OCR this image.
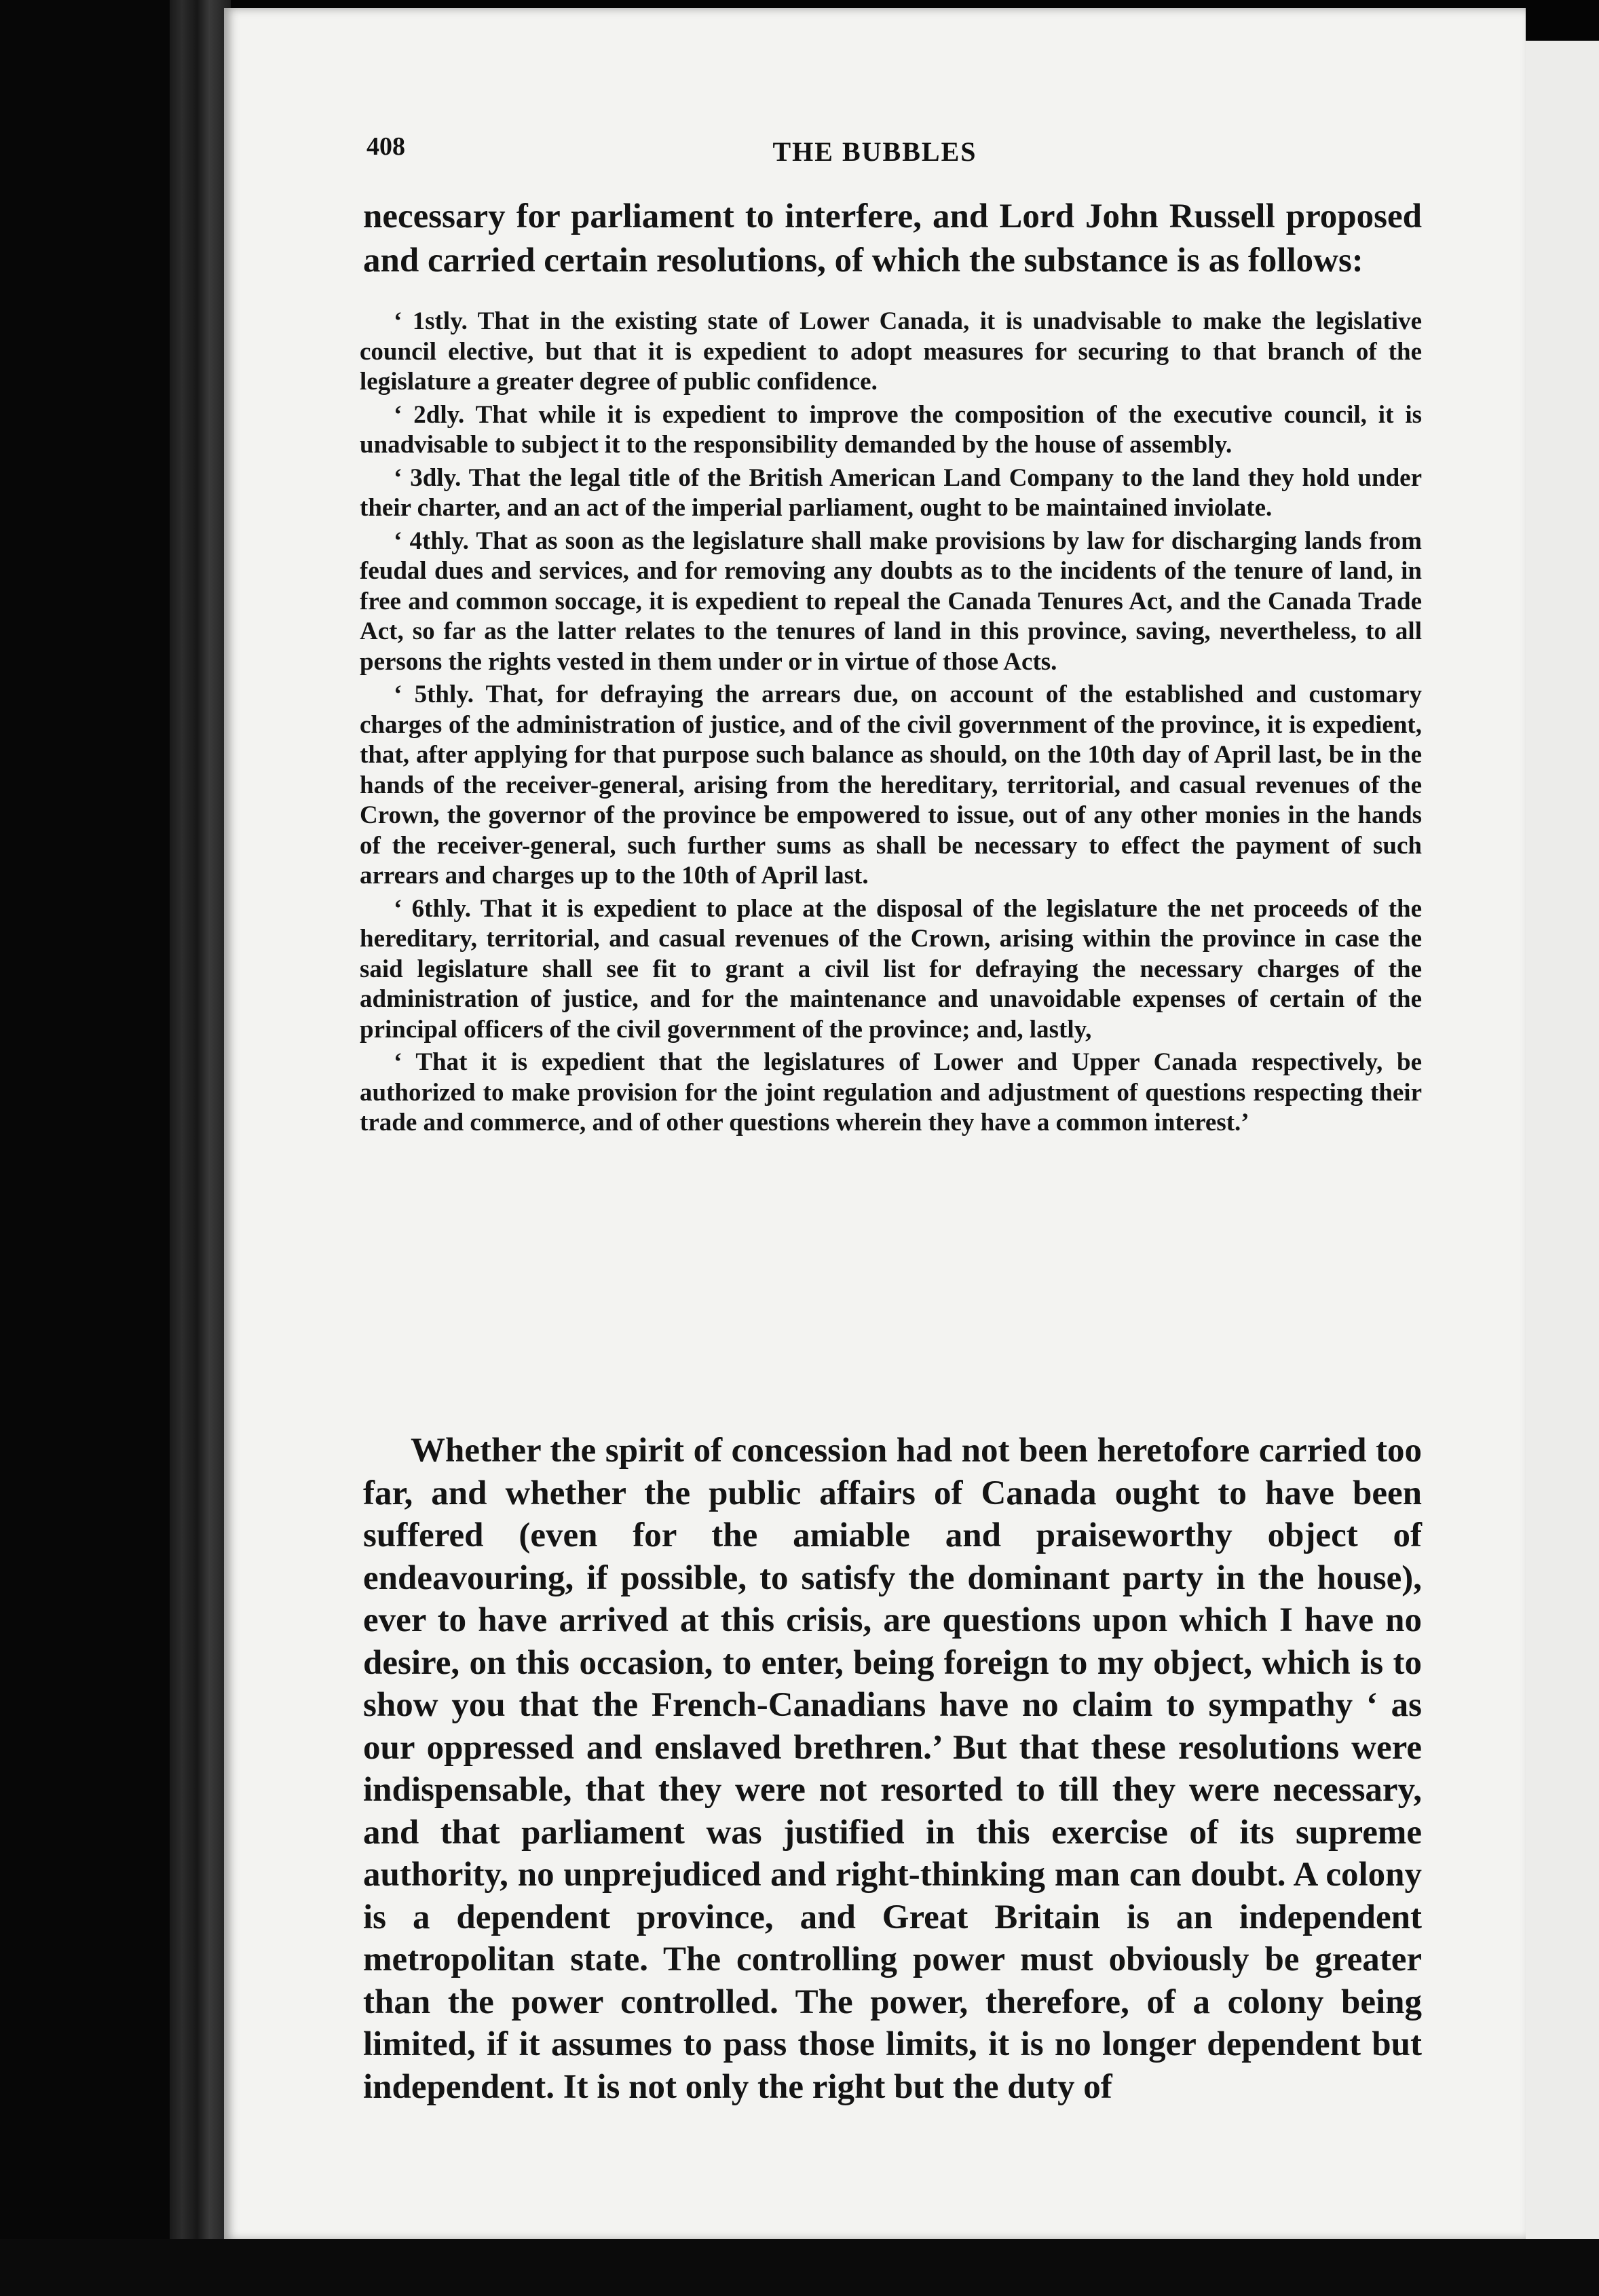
408	THE BUBBLES

necessary for parliament to interfere, and Lord John Russell proposed and carried certain resolutions, of which the substance is as follows:

‘ 1stly. That in the existing state of Lower Canada, it is unadvisable to make the legislative council elective, but that it is expedient to adopt measures for securing to that branch of the legislature a greater degree of public confidence.

‘ 2dly. That while it is expedient to improve the composition of the executive council, it is unadvisable to subject it to the responsibility demanded by the house of assembly.

‘ 3dly. That the legal title of the British American Land Company to the land they hold under their charter, and an act of the imperial parliament, ought to be maintained inviolate.

‘ 4thly. That as soon as the legislature shall make provisions by law for discharging lands from feudal dues and services, and for removing any doubts as to the incidents of the tenure of land, in free and common soccage, it is expedient to repeal the Canada Tenures Act, and the Canada Trade Act, so far as the latter relates to the tenures of land in this province, saving, nevertheless, to all persons the rights vested in them under or in virtue of those Acts.

‘ 5thly. That, for defraying the arrears due, on account of the established and customary charges of the administration of justice, and of the civil government of the province, it is expedient, that, after applying for that purpose such balance as should, on the 10th day of April last, be in the hands of the receiver-general, arising from the hereditary, territorial, and casual revenues of the Crown, the governor of the province be empowered to issue, out of any other monies in the hands of the receiver-general, such further sums as shall be necessary to effect the payment of such arrears and charges up to the 10th of April last.

‘ 6thly. That it is expedient to place at the disposal of the legislature the net proceeds of the hereditary, territorial, and casual revenues of the Crown, arising within the province in case the said legislature shall see fit to grant a civil list for defraying the necessary charges of the administration of justice, and for the maintenance and unavoidable expenses of certain of the principal officers of the civil government of the province; and, lastly,

‘ That it is expedient that the legislatures of Lower and Upper Canada respectively, be authorized to make provision for the joint regulation and adjustment of questions respecting their trade and commerce, and of other questions wherein they have a common interest.’

Whether the spirit of concession had not been heretofore carried too far, and whether the public affairs of Canada ought to have been suffered (even for the amiable and praiseworthy object of endeavouring, if possible, to satisfy the dominant party in the house), ever to have arrived at this crisis, are questions upon which I have no desire, on this occasion, to enter, being foreign to my object, which is to show you that the French-Canadians have no claim to sympathy ‘ as our oppressed and enslaved brethren.’ But that these resolutions were indispensable, that they were not resorted to till they were necessary, and that parliament was justified in this exercise of its supreme authority, no unprejudiced and right-thinking man can doubt. A colony is a dependent province, and Great Britain is an independent metropolitan state. The controlling power must obviously be greater than the power controlled. The power, therefore, of a colony being limited, if it assumes to pass those limits, it is no longer dependent but independent. It is not only the right but the duty of
